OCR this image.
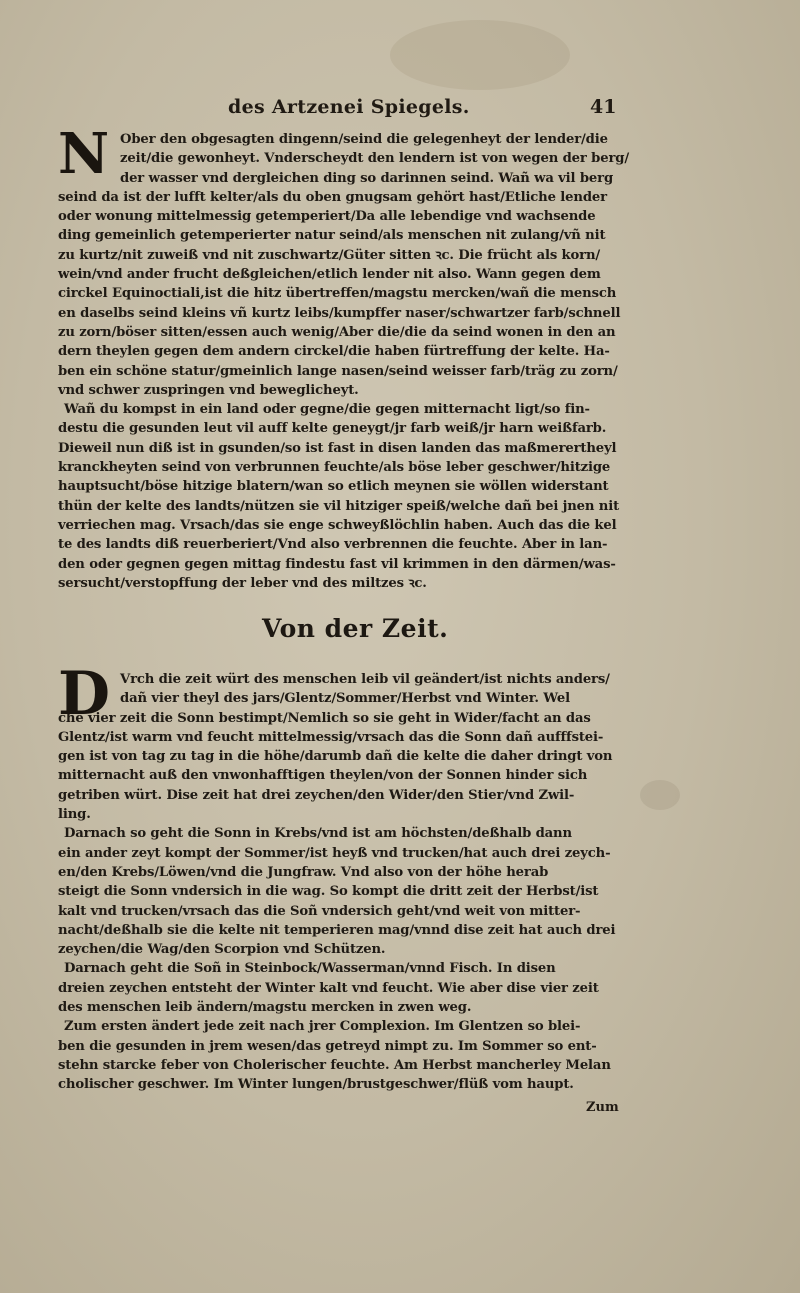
des Artzenei Spiegels.	41
N Ober den obgesagten dingenn/seind die gelegenheyt der lender/die
zeit/die gewonheyt. Vnderscheydt den lendern ist von wegen der berg/
der wasser vnd dergleichen ding so darinnen seind. Wañ wa vil berg
seind da ist der lufft kelter/als du oben gnugsam gehört hast/Etliche lender
oder wonung mittelmessig getemperiert/Da alle lebendige vnd wachsende
ding gemeinlich getemperierter natur seind/als menschen nit zulang/vñ nit
zu kurtz/nit zuweiß vnd nit zuschwartz/Güter sitten ꝛc. Die frücht als korn/
wein/vnd ander frucht deßgleichen/etlich lender nit also. Wann gegen dem
circkel Equinoctiali,ist die hitz übertreffen/magstu mercken/wañ die mensch
en daselbs seind kleins vñ kurtz leibs/kumpffer naser/schwartzer farb/schnell
zu zorn/böser sitten/essen auch wenig/Aber die/die da seind wonen in den an
dern theylen gegen dem andern circkel/die haben fürtreffung der kelte. Ha-
ben ein schöne statur/gmeinlich lange nasen/seind weisser farb/träg zu zorn/
vnd schwer zuspringen vnd beweglicheyt.
Wañ du kompst in ein land oder gegne/die gegen mitternacht ligt/so fin-
destu die gesunden leut vil auff kelte geneygt/jr farb weiß/jr harn weißfarb.
Dieweil nun diß ist in gsunden/so ist fast in disen landen das maßmerertheyl
kranckheyten seind von verbrunnen feuchte/als böse leber geschwer/hitzige
hauptsucht/böse hitzige blatern/wan so etlich meynen sie wöllen widerstant
thün der kelte des landts/nützen sie vil hitziger speiß/welche dañ bei jnen nit
verriechen mag. Vrsach/das sie enge schweyßlöchlin haben. Auch das die kel
te des landts diß reuerberiert/Vnd also verbrennen die feuchte. Aber in lan-
den oder gegnen gegen mittag findestu fast vil krimmen in den därmen/was-
sersucht/verstopffung der leber vnd des miltzes ꝛc.
Von der Zeit.
D Vrch die zeit würt des menschen leib vil geändert/ist nichts anders/
dañ vier theyl des jars/Glentz/Sommer/Herbst vnd Winter. Wel
che vier zeit die Sonn bestimpt/Nemlich so sie geht in Wider/facht an das
Glentz/ist warm vnd feucht mittelmessig/vrsach das die Sonn dañ aufffstei-
gen ist von tag zu tag in die höhe/darumb dañ die kelte die daher dringt von
mitternacht auß den vnwonhafftigen theylen/von der Sonnen hinder sich
getriben würt. Dise zeit hat drei zeychen/den Wider/den Stier/vnd Zwil-
ling.
Darnach so geht die Sonn in Krebs/vnd ist am höchsten/deßhalb dann
ein ander zeyt kompt der Sommer/ist heyß vnd trucken/hat auch drei zeych-
en/den Krebs/Löwen/vnd die Jungfraw. Vnd also von der höhe herab
steigt die Sonn vndersich in die wag. So kompt die dritt zeit der Herbst/ist
kalt vnd trucken/vrsach das die Soñ vndersich geht/vnd weit von mitter-
nacht/deßhalb sie die kelte nit temperieren mag/vnnd dise zeit hat auch drei
zeychen/die Wag/den Scorpion vnd Schützen.
Darnach geht die Soñ in Steinbock/Wasserman/vnnd Fisch. In disen
dreien zeychen entsteht der Winter kalt vnd feucht. Wie aber dise vier zeit
des menschen leib ändern/magstu mercken in zwen weg.
Zum ersten ändert jede zeit nach jrer Complexion. Im Glentzen so blei-
ben die gesunden in jrem wesen/das getreyd nimpt zu. Im Sommer so ent-
stehn starcke feber von Cholerischer feuchte. Am Herbst mancherley Melan
cholischer geschwer. Im Winter lungen/brustgeschwer/flüß vom haupt.
Zum
